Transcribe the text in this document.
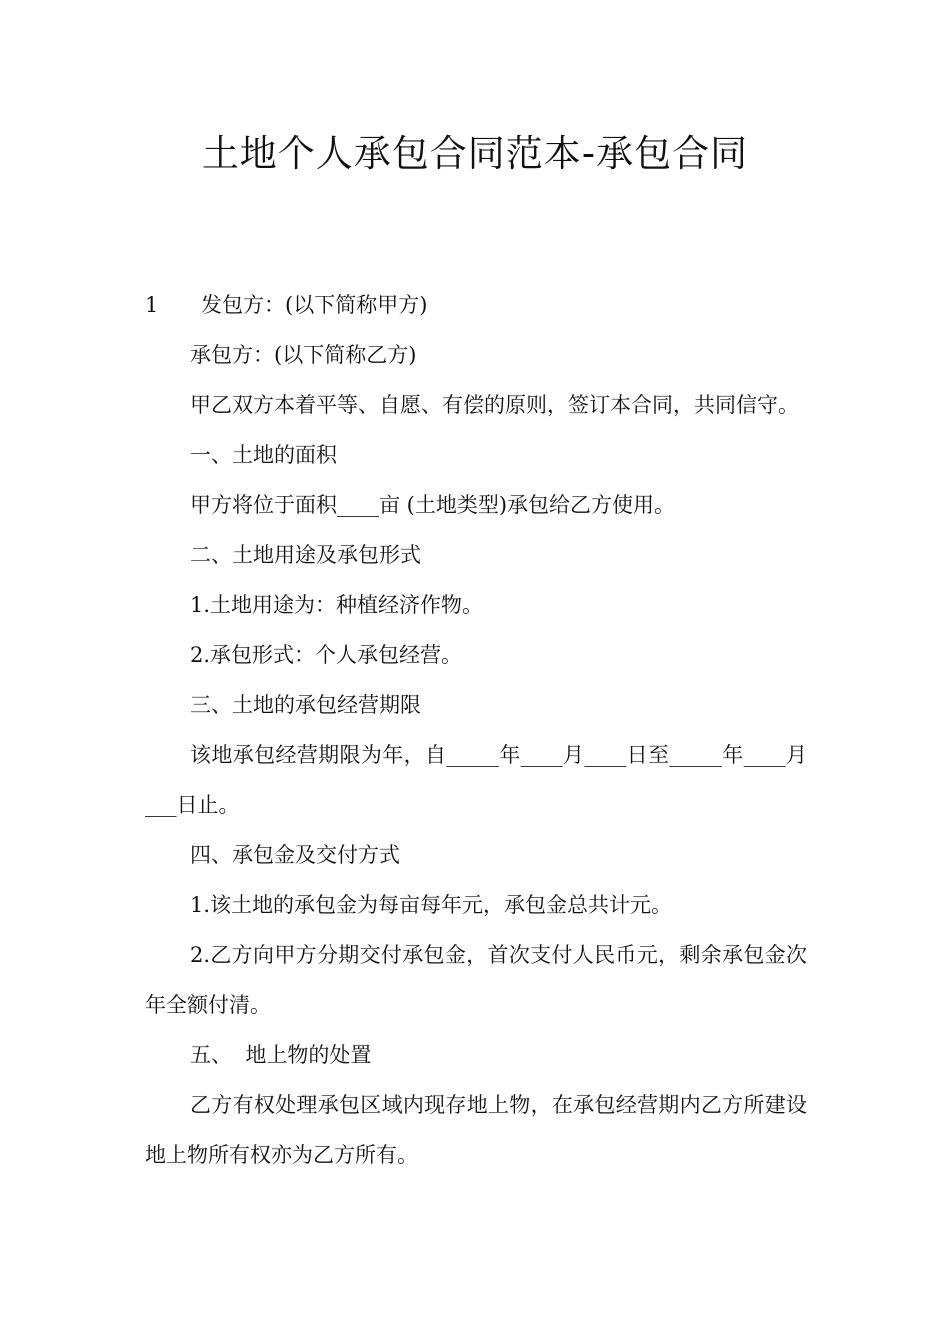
土地个人承包合同范本-承包合同

1 发包方：(以下简称甲方)

承包方：(以下简称乙方)

甲乙双方本着平等、自愿、有偿的原则，签订本合同，共同信守。

一、土地的面积

甲方将位于面积____亩 (土地类型)承包给乙方使用。

二、土地用途及承包形式

1.土地用途为：种植经济作物。

2.承包形式：个人承包经营。

三、土地的承包经营期限

该地承包经营期限为年，自_____年____月____日至_____年____月___日止。

四、承包金及交付方式

1.该土地的承包金为每亩每年元，承包金总共计元。

2.乙方向甲方分期交付承包金，首次支付人民币元，剩余承包金次年全额付清。

五、  地上物的处置

乙方有权处理承包区域内现存地上物，在承包经营期内乙方所建设地上物所有权亦为乙方所有。
